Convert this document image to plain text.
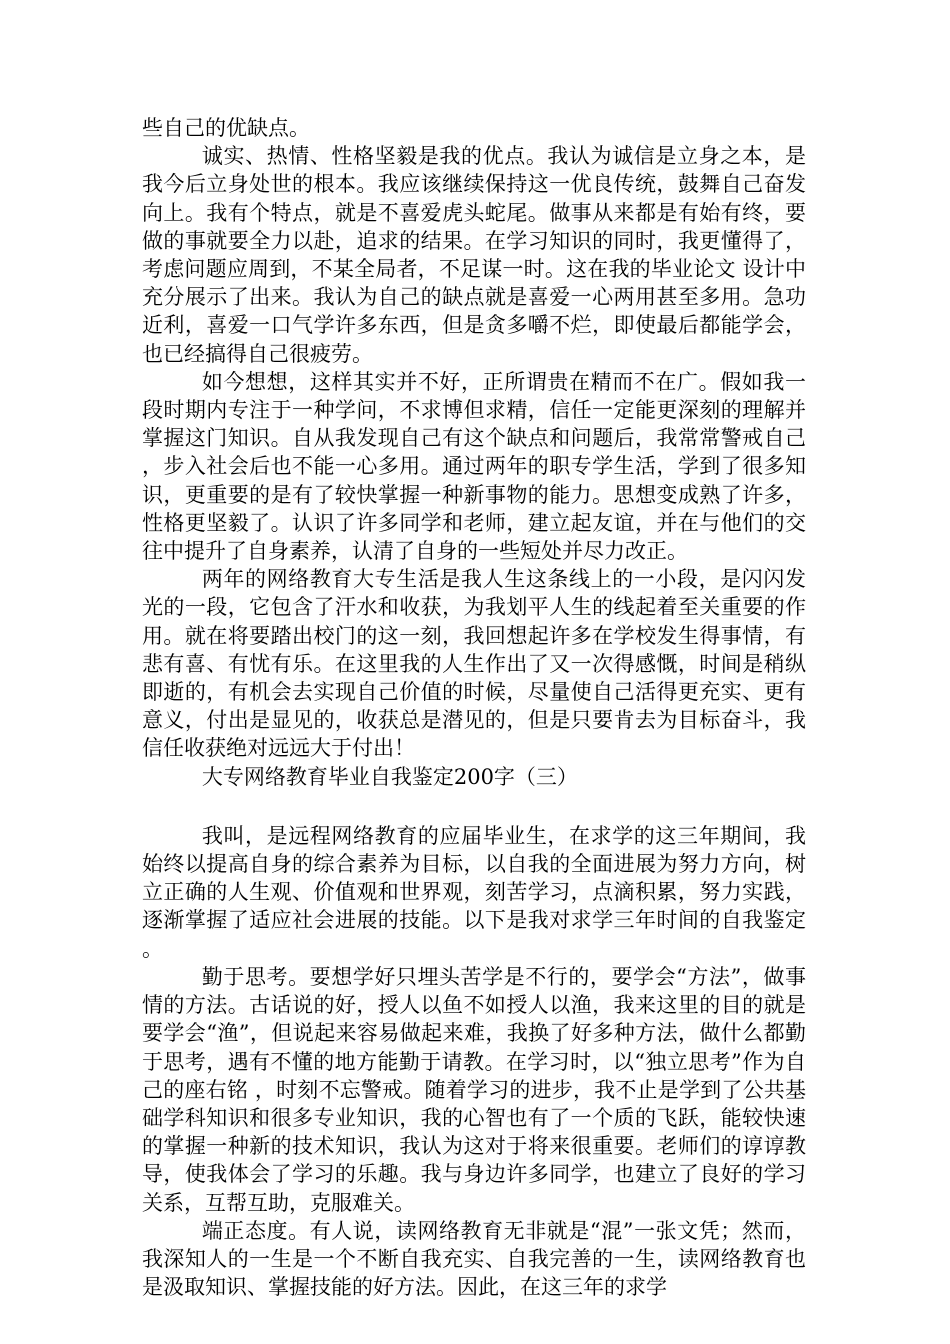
些自己的优缺点。

诚实、热情、性格坚毅是我的优点。我认为诚信是立身之本，是我今后立身处世的根本。我应该继续保持这一优良传统，鼓舞自己奋发向上。我有个特点，就是不喜爱虎头蛇尾。做事从来都是有始有终，要做的事就要全力以赴，追求的结果。在学习知识的同时，我更懂得了，考虑问题应周到，不某全局者，不足谋一时。这在我的毕业论文 设计中充分展示了出来。我认为自己的缺点就是喜爱一心两用甚至多用。急功近利，喜爱一口气学许多东西，但是贪多嚼不烂，即使最后都能学会，也已经搞得自己很疲劳。

如今想想，这样其实并不好，正所谓贵在精而不在广。假如我一段时期内专注于一种学问，不求博但求精，信任一定能更深刻的理解并掌握这门知识。自从我发现自己有这个缺点和问题后，我常常警戒自己，步入社会后也不能一心多用。通过两年的职专学生活，学到了很多知识，更重要的是有了较快掌握一种新事物的能力。思想变成熟了许多，性格更坚毅了。认识了许多同学和老师，建立起友谊，并在与他们的交往中提升了自身素养，认清了自身的一些短处并尽力改正。

两年的网络教育大专生活是我人生这条线上的一小段，是闪闪发光的一段，它包含了汗水和收获，为我划平人生的线起着至关重要的作用。就在将要踏出校门的这一刻，我回想起许多在学校发生得事情，有悲有喜、有忧有乐。在这里我的人生作出了又一次得感慨，时间是稍纵即逝的，有机会去实现自己价值的时候，尽量使自己活得更充实、更有意义，付出是显见的，收获总是潜见的，但是只要肯去为目标奋斗，我信任收获绝对远远大于付出！

大专网络教育毕业自我鉴定200字（三）

我叫，是远程网络教育的应届毕业生，在求学的这三年期间，我始终以提高自身的综合素养为目标，以自我的全面进展为努力方向，树立正确的人生观、价值观和世界观，刻苦学习，点滴积累，努力实践，逐渐掌握了适应社会进展的技能。以下是我对求学三年时间的自我鉴定。

勤于思考。要想学好只埋头苦学是不行的，要学会“方法”，做事情的方法。古话说的好，授人以鱼不如授人以渔，我来这里的目的就是要学会“渔”，但说起来容易做起来难，我换了好多种方法，做什么都勤于思考，遇有不懂的地方能勤于请教。在学习时，以“独立思考”作为自己的座右铭 ，时刻不忘警戒。随着学习的进步，我不止是学到了公共基础学科知识和很多专业知识，我的心智也有了一个质的飞跃，能较快速的掌握一种新的技术知识，我认为这对于将来很重要。老师们的谆谆教导，使我体会了学习的乐趣。我与身边许多同学，也建立了良好的学习关系，互帮互助，克服难关。

端正态度。有人说，读网络教育无非就是“混”一张文凭；然而，我深知人的一生是一个不断自我充实、自我完善的一生，读网络教育也是汲取知识、掌握技能的好方法。因此，在这三年的求学
